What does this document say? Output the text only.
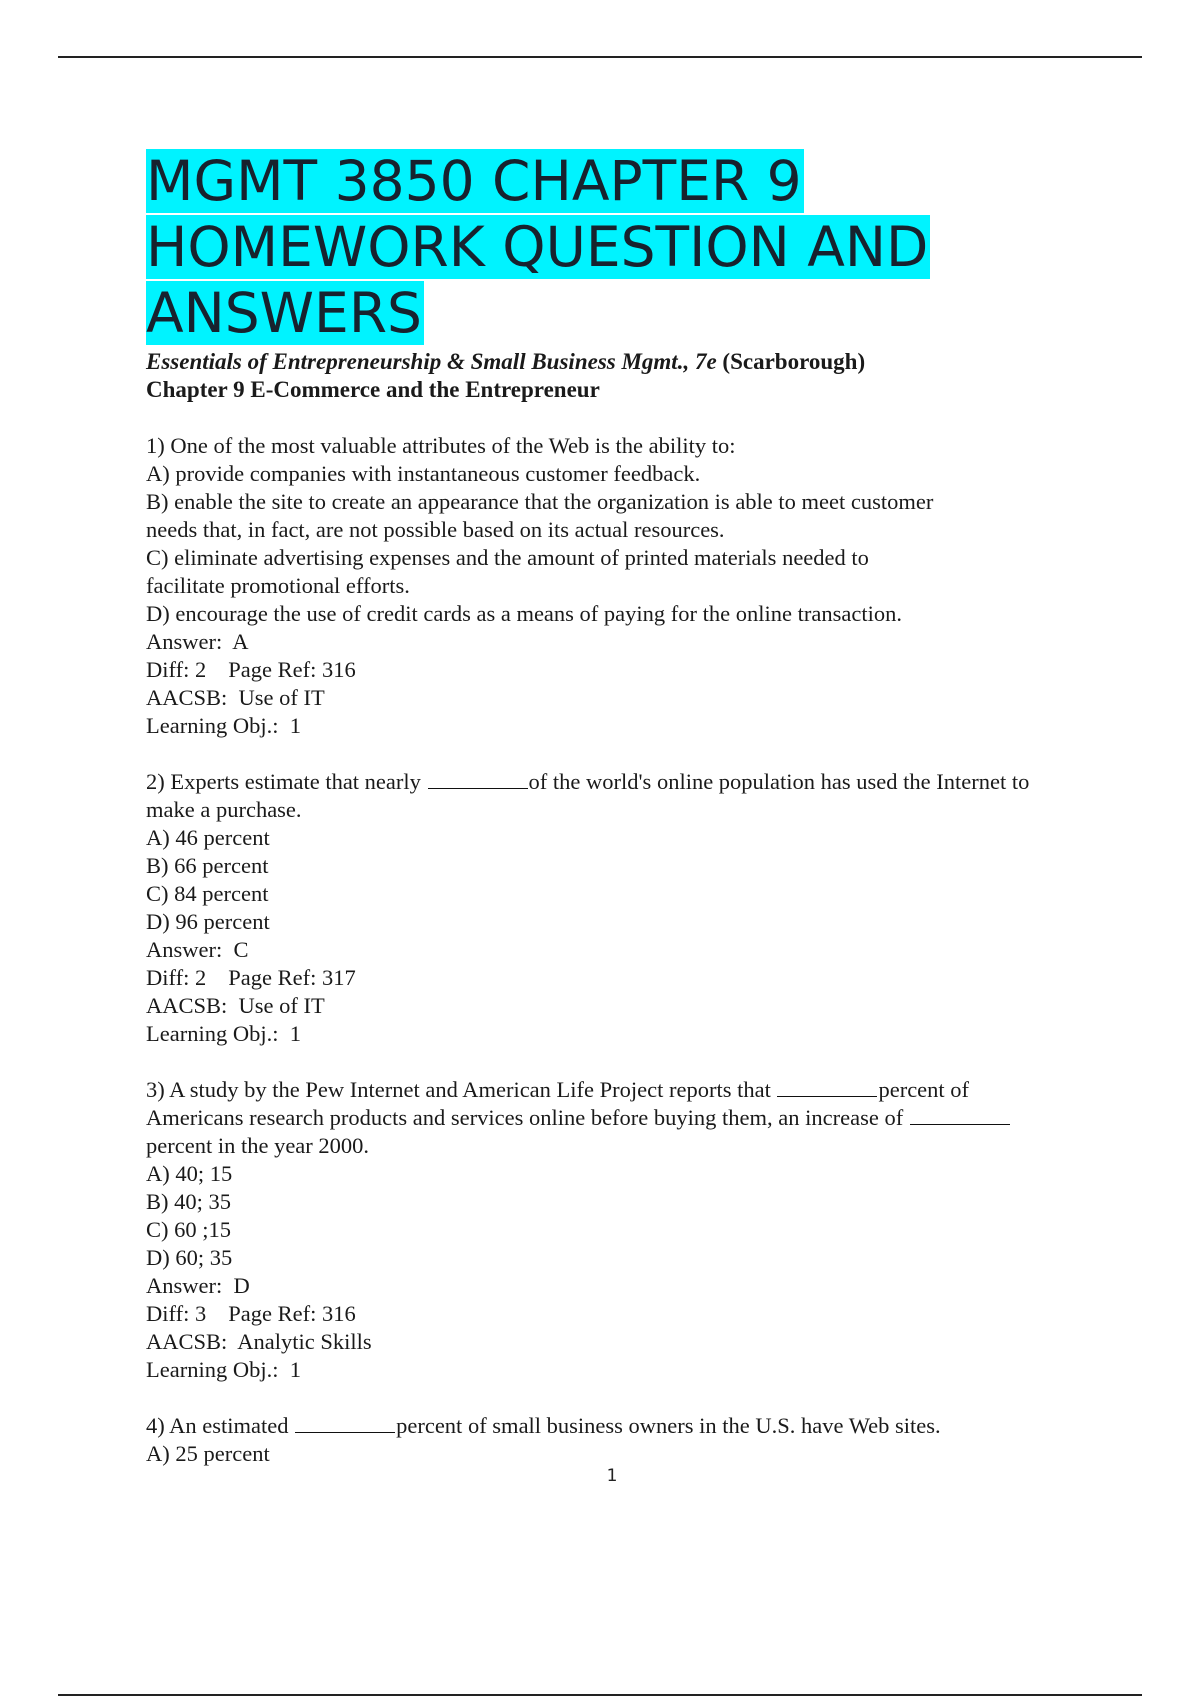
MGMT 3850 CHAPTER 9
HOMEWORK QUESTION AND
ANSWERS
Essentials of Entrepreneurship & Small Business Mgmt., 7e (Scarborough)
Chapter 9 E-Commerce and the Entrepreneur
1) One of the most valuable attributes of the Web is the ability to:
A) provide companies with instantaneous customer feedback.
B) enable the site to create an appearance that the organization is able to meet customer
needs that, in fact, are not possible based on its actual resources.
C) eliminate advertising expenses and the amount of printed materials needed to
facilitate promotional efforts.
D) encourage the use of credit cards as a means of paying for the online transaction.
Answer:  A
Diff: 2 Page Ref: 316
AACSB:  Use of IT
Learning Obj.:  1
2) Experts estimate that nearly	of the world's online population has used the Internet to
make a purchase.
A) 46 percent
B) 66 percent
C) 84 percent
D) 96 percent
Answer:  C
Diff: 2 Page Ref: 317
AACSB:  Use of IT
Learning Obj.:  1
3) A study by the Pew Internet and American Life Project reports that	percent of
Americans research products and services online before buying them, an increase of
percent in the year 2000.
A) 40; 15
B) 40; 35
C) 60 ;15
D) 60; 35
Answer:  D
Diff: 3 Page Ref: 316
AACSB:  Analytic Skills
Learning Obj.:  1
4) An estimated	percent of small business owners in the U.S. have Web sites.
A) 25 percent
1
